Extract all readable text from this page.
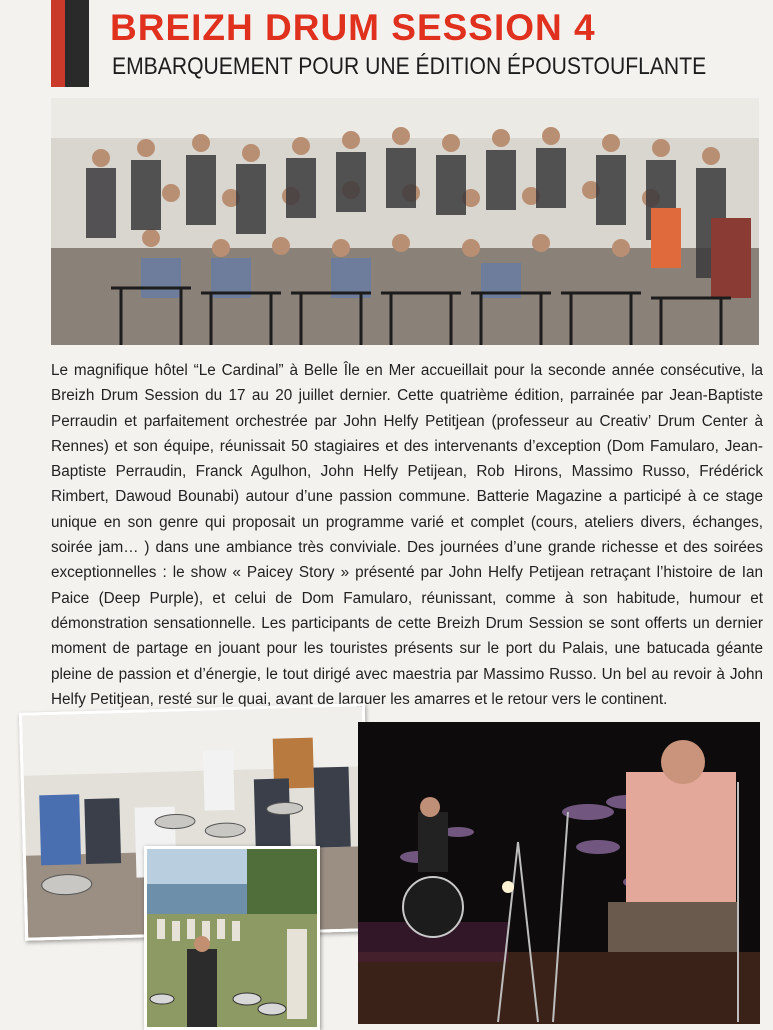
BREIZH DRUM SESSION 4
EMBARQUEMENT POUR UNE ÉDITION ÉPOUSTOUFLANTE

Le magnifique hôtel “Le Cardinal” à Belle Île en Mer accueillait pour la seconde année consécutive, la Breizh Drum Session du 17 au 20 juillet dernier. Cette quatrième édition, parrainée par Jean-Baptiste Perraudin et parfaitement orchestrée par John Helfy Petitjean (professeur au Creativ’ Drum Center à Rennes) et son équipe, réunissait 50 stagiaires et des intervenants d’exception (Dom Famularo, Jean-Baptiste Perraudin, Franck Agulhon, John Helfy Petijean, Rob Hirons, Massimo Russo, Frédérick Rimbert, Dawoud Bounabi) autour d’une passion commune. Batterie Magazine a participé à ce stage unique en son genre qui proposait un programme varié et complet (cours, ateliers divers, échanges, soirée jam… ) dans une ambiance très conviviale. Des journées d’une grande richesse et des soirées exceptionnelles : le show « Paicey Story » présenté par John Helfy Petijean retraçant l’histoire de Ian Paice (Deep Purple), et celui de Dom Famularo, réunissant, comme à son habitude, humour et démonstration sensationnelle. Les participants de cette Breizh Drum Session se sont offerts un dernier moment de partage en jouant pour les touristes présents sur le port du Palais, une batucada géante pleine de passion et d’énergie, le tout dirigé avec maestria par Massimo Russo. Un bel au revoir à John Helfy Petitjean, resté sur le quai, avant de larguer les amarres et le retour vers le continent.
